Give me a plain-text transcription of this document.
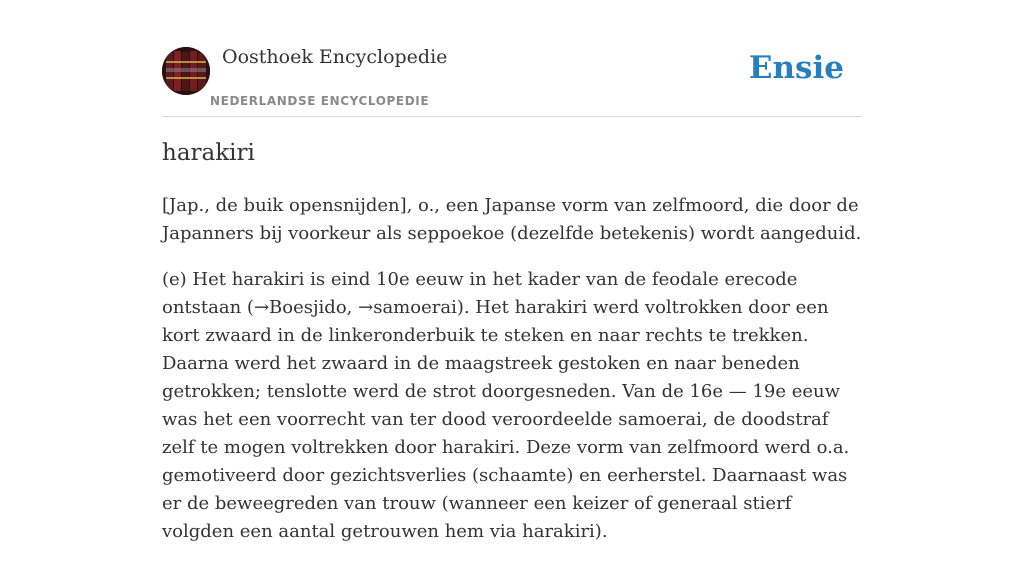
Oosthoek Encyclopedie
NEDERLANDSE ENCYCLOPEDIE
Ensie
harakiri

[Jap., de buik opensnijden], o., een Japanse vorm van zelfmoord, die door de Japanners bij voorkeur als seppoekoe (dezelfde betekenis) wordt aangeduid.

(e) Het harakiri is eind 10e eeuw in het kader van de feodale erecode ontstaan (→Boesjido, →samoerai). Het harakiri werd voltrokken door een kort zwaard in de linkeronderbuik te steken en naar rechts te trekken. Daarna werd het zwaard in de maagstreek gestoken en naar beneden getrokken; tenslotte werd de strot doorgesneden. Van de 16e — 19e eeuw was het een voorrecht van ter dood veroordeelde samoerai, de doodstraf zelf te mogen voltrekken door harakiri. Deze vorm van zelfmoord werd o.a. gemotiveerd door gezichtsverlies (schaamte) en eerherstel. Daarnaast was er de beweegreden van trouw (wanneer een keizer of generaal stierf volgden een aantal getrouwen hem via harakiri).
